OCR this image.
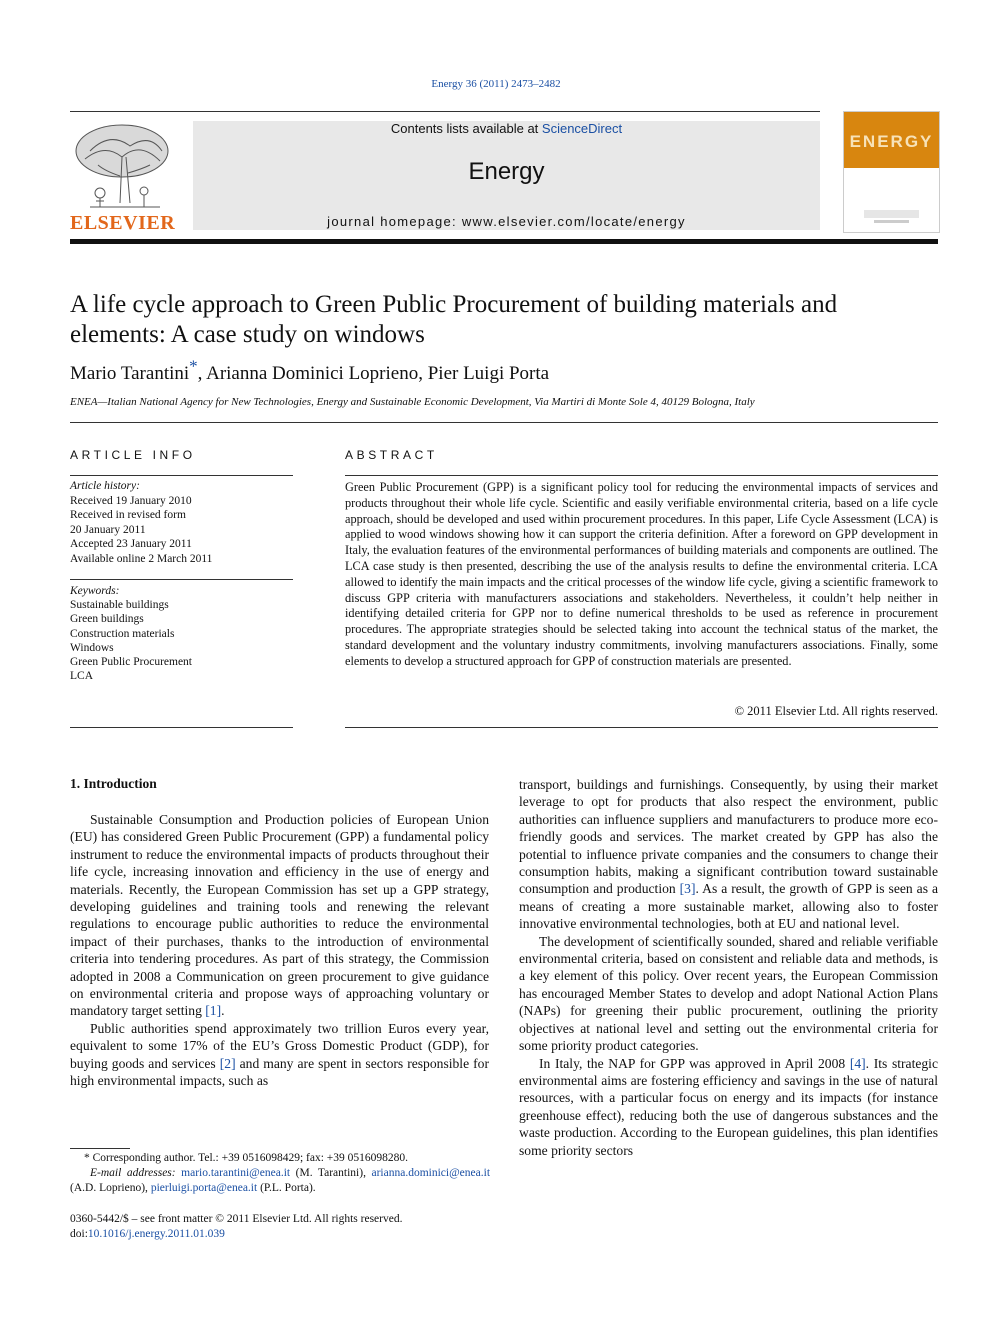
Energy 36 (2011) 2473–2482
ELSEVIER
Contents lists available at ScienceDirect
Energy
journal homepage: www.elsevier.com/locate/energy
ENERGY
A life cycle approach to Green Public Procurement of building materials and elements: A case study on windows
Mario Tarantini*, Arianna Dominici Loprieno, Pier Luigi Porta
ENEA—Italian National Agency for New Technologies, Energy and Sustainable Economic Development, Via Martiri di Monte Sole 4, 40129 Bologna, Italy
ARTICLE INFO
Article history:
Received 19 January 2010
Received in revised form
20 January 2011
Accepted 23 January 2011
Available online 2 March 2011
Keywords:
Sustainable buildings
Green buildings
Construction materials
Windows
Green Public Procurement
LCA
ABSTRACT
Green Public Procurement (GPP) is a significant policy tool for reducing the environmental impacts of services and products throughout their whole life cycle. Scientific and easily verifiable environmental criteria, based on a life cycle approach, should be developed and used within procurement procedures. In this paper, Life Cycle Assessment (LCA) is applied to wood windows showing how it can support the criteria definition. After a foreword on GPP development in Italy, the evaluation features of the environmental performances of building materials and components are outlined. The LCA case study is then presented, describing the use of the analysis results to define the environmental criteria. LCA allowed to identify the main impacts and the critical processes of the window life cycle, giving a scientific framework to discuss GPP criteria with manufacturers associations and stakeholders. Nevertheless, it couldn’t help neither in identifying detailed criteria for GPP nor to define numerical thresholds to be used as reference in procurement procedures. The appropriate strategies should be selected taking into account the technical status of the market, the standard development and the voluntary industry commitments, involving manufacturers associations. Finally, some elements to develop a structured approach for GPP of construction materials are presented.
© 2011 Elsevier Ltd. All rights reserved.
1. Introduction

Sustainable Consumption and Production policies of European Union (EU) has considered Green Public Procurement (GPP) a fundamental policy instrument to reduce the environmental impacts of products throughout their life cycle, increasing innovation and efficiency in the use of energy and materials. Recently, the European Commission has set up a GPP strategy, developing guidelines and training tools and renewing the relevant regulations to encourage public authorities to reduce the environmental impact of their purchases, thanks to the introduction of environmental criteria into tendering procedures. As part of this strategy, the Commission adopted in 2008 a Communication on green procurement to give guidance on environmental criteria and propose ways of approaching voluntary or mandatory target setting [1].

Public authorities spend approximately two trillion Euros every year, equivalent to some 17% of the EU’s Gross Domestic Product (GDP), for buying goods and services [2] and many are spent in sectors responsible for high environmental impacts, such as

transport, buildings and furnishings. Consequently, by using their market leverage to opt for products that also respect the environment, public authorities can influence suppliers and manufacturers to produce more eco-friendly goods and services. The market created by GPP has also the potential to influence private companies and the consumers to change their consumption habits, making a significant contribution toward sustainable consumption and production [3]. As a result, the growth of GPP is seen as a means of creating a more sustainable market, allowing also to foster innovative environmental technologies, both at EU and national level.

The development of scientifically sounded, shared and reliable verifiable environmental criteria, based on consistent and reliable data and methods, is a key element of this policy. Over recent years, the European Commission has encouraged Member States to develop and adopt National Action Plans (NAPs) for greening their public procurement, outlining the priority objectives at national level and setting out the environmental criteria for some priority product categories.

In Italy, the NAP for GPP was approved in April 2008 [4]. Its strategic environmental aims are fostering efficiency and savings in the use of natural resources, with a particular focus on energy and its impacts (for instance greenhouse effect), reducing both the use of dangerous substances and the waste production. According to the European guidelines, this plan identifies some priority sectors

* Corresponding author. Tel.: +39 0516098429; fax: +39 0516098280.
E-mail addresses: mario.tarantini@enea.it (M. Tarantini), arianna.dominici@enea.it (A.D. Loprieno), pierluigi.porta@enea.it (P.L. Porta).
0360-5442/$ – see front matter © 2011 Elsevier Ltd. All rights reserved.
doi:10.1016/j.energy.2011.01.039
